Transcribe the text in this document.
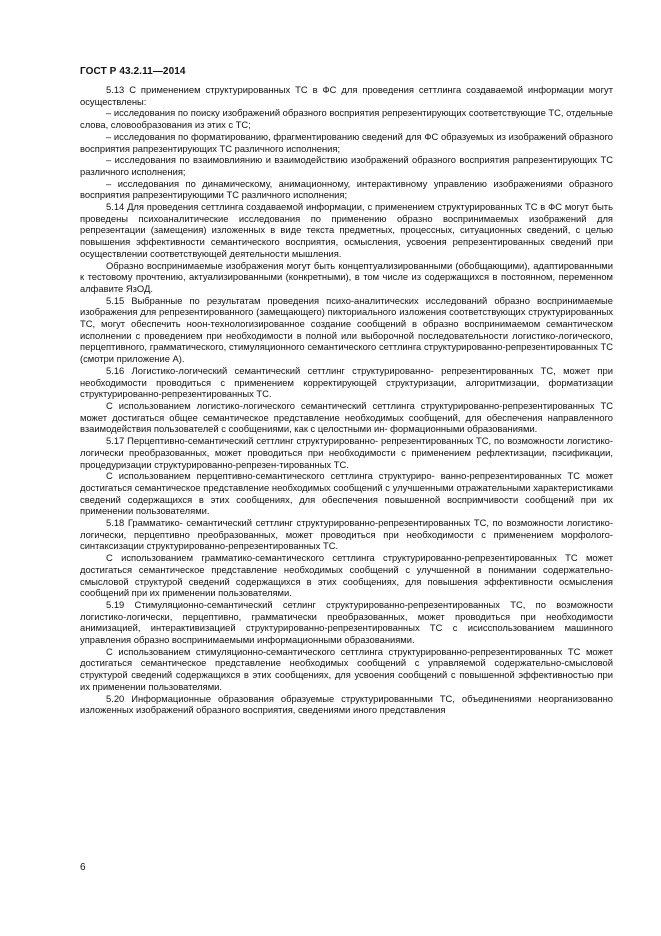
ГОСТ Р 43.2.11—2014

5.13 С применением структурированных ТС в ФС для проведения сеттлинга создаваемой информации могут осуществлены:

– исследования по поиску изображений образного восприятия репрезентирующих соответствующие ТС, отдельные слова, словообразования из этих с ТС;

– исследования по форматированию, фрагментированию сведений для ФС образуемых из изображений образного восприятия рапрезентирующих ТС различного исполнения;

– исследования по взаимовлиянию и взаимодействию изображений образного восприятия рапрезентирующих ТС различного исполнения;

– исследования по динамическому, анимационному, интерактивному управлению изображениями образного восприятия рапрезентирующими ТС различного исполнения;

5.14 Для проведения сеттлинга создаваемой информации, с применением структурированных ТС в ФС могут быть проведены психоаналитические исследования по применению образно воспринимаемых изображений для репрезентации (замещения) изложенных в виде текста предметных, процессных, ситуационных сведений, с целью повышения эффективности семантического восприятия, осмысления, усвоения репрезентированных сведений при осуществлении соответствующей деятельности мышления.

Образно воспринимаемые изображения могут быть концептуализированными (обобщающими), адаптированными к тестовому прочтению, актуализированными (конкретными), в том числе из содержащихся в постоянном, переменном алфавите ЯзОД.

5.15 Выбранные по результатам проведения психо-аналитических исследований образно воспринимаемые изображения для репрезентированного (замещающего) пикториального изложения соответствующих структурированных ТС, могут обеспечить ноон-технологизированное создание сообщений в образно воспринимаемом семантическом исполнении с проведением при необходимости в полной или выборочной последовательности логистико-логического, перцептивного, грамматического, стимуляционного семантического сеттлинга структурированно-репрезентированных ТС (смотри приложение А).

5.16 Логистико-логический семантический сеттлинг структурированно- репрезентированных ТС, может при необходимости проводиться с применением корректирующей структуризации, алгоритмизации, форматизации структурированно-репрезентированных ТС.

С использованием логистико-логического семантический сеттлинга структурированно-репрезентированных ТС может достигаться общее семантическое представление необходимых сообщений, для обеспечения направленного взаимодействия пользователей с сообщениями, как с целостными ин- формационными образованиями.

5.17 Перцептивно-семантический сеттлинг структурированно- репрезентированных ТС, по возможности логистико-логически преобразованных, может проводиться при необходимости с применением рефлектизации, пэсификации, процедуризации структурированно-репрезен-тированных ТС.

С использованием перцептивно-семантического сеттлинга структуриро- ванно-репрезентированных ТС может достигаться семантическое представление необходимых сообщений с улучшенными отражательными характеристиками сведений содержащихся в этих сообщениях, для обеспечения повышенной воспримчивости сообщений при их применении пользователями.

5.18 Грамматико- семантический сеттлинг структурированно-репрезентированных ТС, по возможности логистико-логически, перцептивно преобразованных, может проводиться при необходимости с применением морфолого-синтаксизации структурированно-репрезентированных ТС.

С использованием грамматико-семантического сеттлинга структурированно-репрезентированных ТС может достигаться семантическое представление необходимых сообщений с улучшенной в понимании содержательно-смысловой структурой сведений содержащихся в этих сообщениях, для повышения эффективности осмысления сообщений при их применении пользователями.

5.19 Стимуляционно-семантический сетлинг структурированно-репрезентированных ТС, по возможности логистико-логически, перцептивно, грамматически преобразованных, может проводиться при необходимости анимизацией, интерактивизацией структурированно-репрезентированных ТС с исисспользованием машинного управления образно воспринимаемыми информационными образованиями.

С использованием стимуляционно-семантического сеттлинга структурированно-репрезентированных ТС может достигаться семантическое представление необходимых сообщений с управляемой содержательно-смысловой структурой сведений содержащихся в этих сообщениях, для усвоения сообщений с повышенной эффективностью при их применении пользователями.

5.20 Информационные образования образуемые структурированными ТС, объединениями неорганизованно изложенных изображений образного восприятия, сведениями иного представления

6
